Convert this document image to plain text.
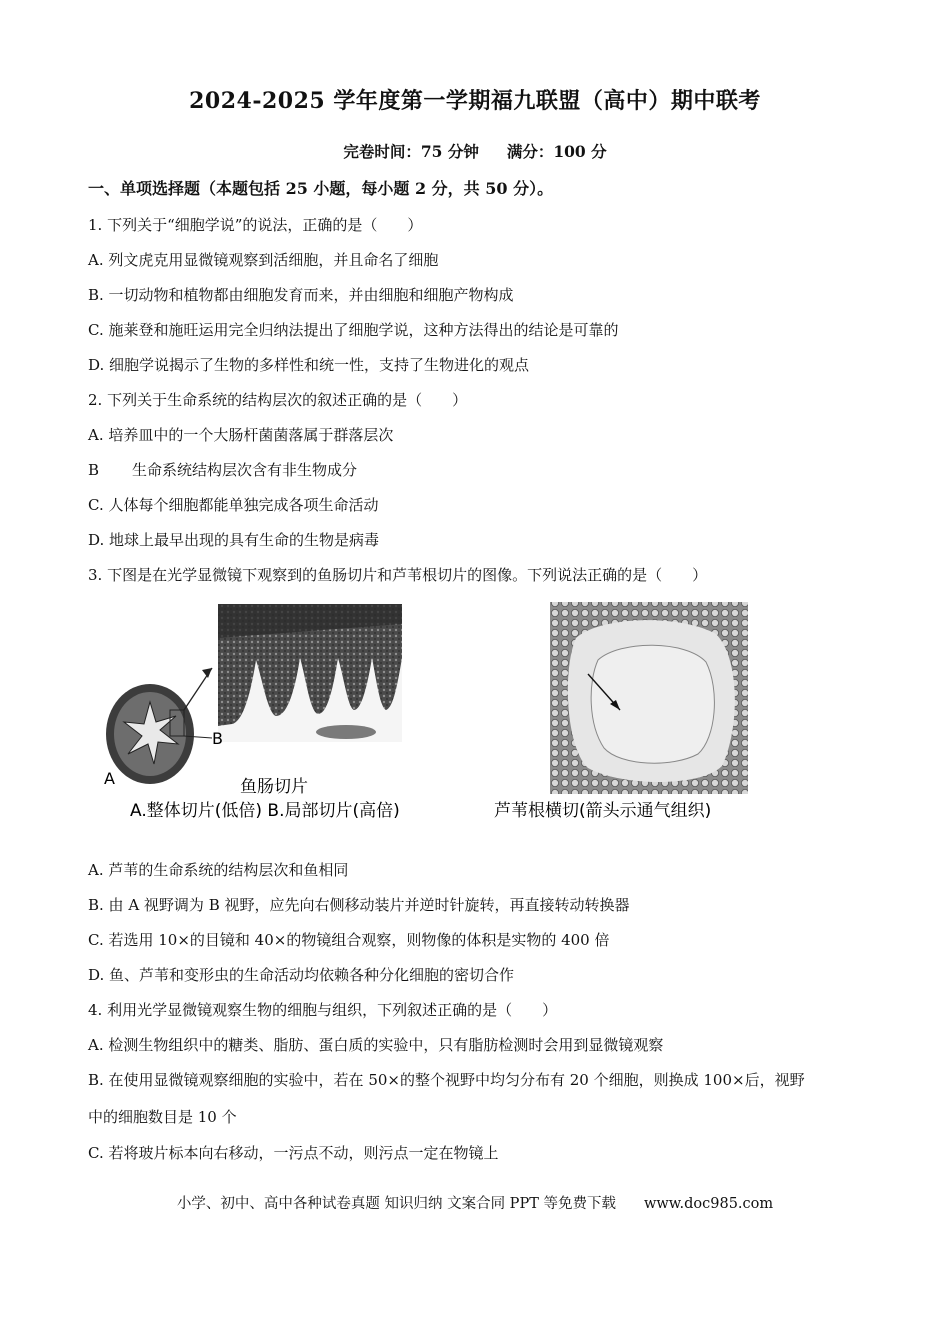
2024-2025 学年度第一学期福九联盟（高中）期中联考
完卷时间：75 分钟 满分：100 分
一、单项选择题（本题包括 25 小题，每小题 2 分，共 50 分）。
1. 下列关于“细胞学说”的说法，正确的是（　　）
A. 列文虎克用显微镜观察到活细胞，并且命名了细胞
B. 一切动物和植物都由细胞发育而来，并由细胞和细胞产物构成
C. 施莱登和施旺运用完全归纳法提出了细胞学说，这种方法得出的结论是可靠的
D. 细胞学说揭示了生物的多样性和统一性，支持了生物进化的观点
2. 下列关于生命系统的结构层次的叙述正确的是（　　）
A. 培养皿中的一个大肠杆菌菌落属于群落层次
B 生命系统结构层次含有非生物成分
C. 人体每个细胞都能单独完成各项生命活动
D. 地球上最早出现的具有生命的生物是病毒
3. 下图是在光学显微镜下观察到的鱼肠切片和芦苇根切片的图像。下列说法正确的是（　　）
A
B
鱼肠切片
A.整体切片(低倍) B.局部切片(高倍)	芦苇根横切(箭头示通气组织)
A. 芦苇的生命系统的结构层次和鱼相同
B. 由 A 视野调为 B 视野，应先向右侧移动装片并逆时针旋转，再直接转动转换器
C. 若选用 10×的目镜和 40×的物镜组合观察，则物像的体积是实物的 400 倍
D. 鱼、芦苇和变形虫的生命活动均依赖各种分化细胞的密切合作
4. 利用光学显微镜观察生物的细胞与组织，下列叙述正确的是（　　）
A. 检测生物组织中的糖类、脂肪、蛋白质的实验中，只有脂肪检测时会用到显微镜观察
B. 在使用显微镜观察细胞的实验中，若在 50×的整个视野中均匀分布有 20 个细胞，则换成 100×后，视野
中的细胞数目是 10 个
C. 若将玻片标本向右移动，一污点不动，则污点一定在物镜上
小学、初中、高中各种试卷真题 知识归纳 文案合同 PPT 等免费下载 www.doc985.com
